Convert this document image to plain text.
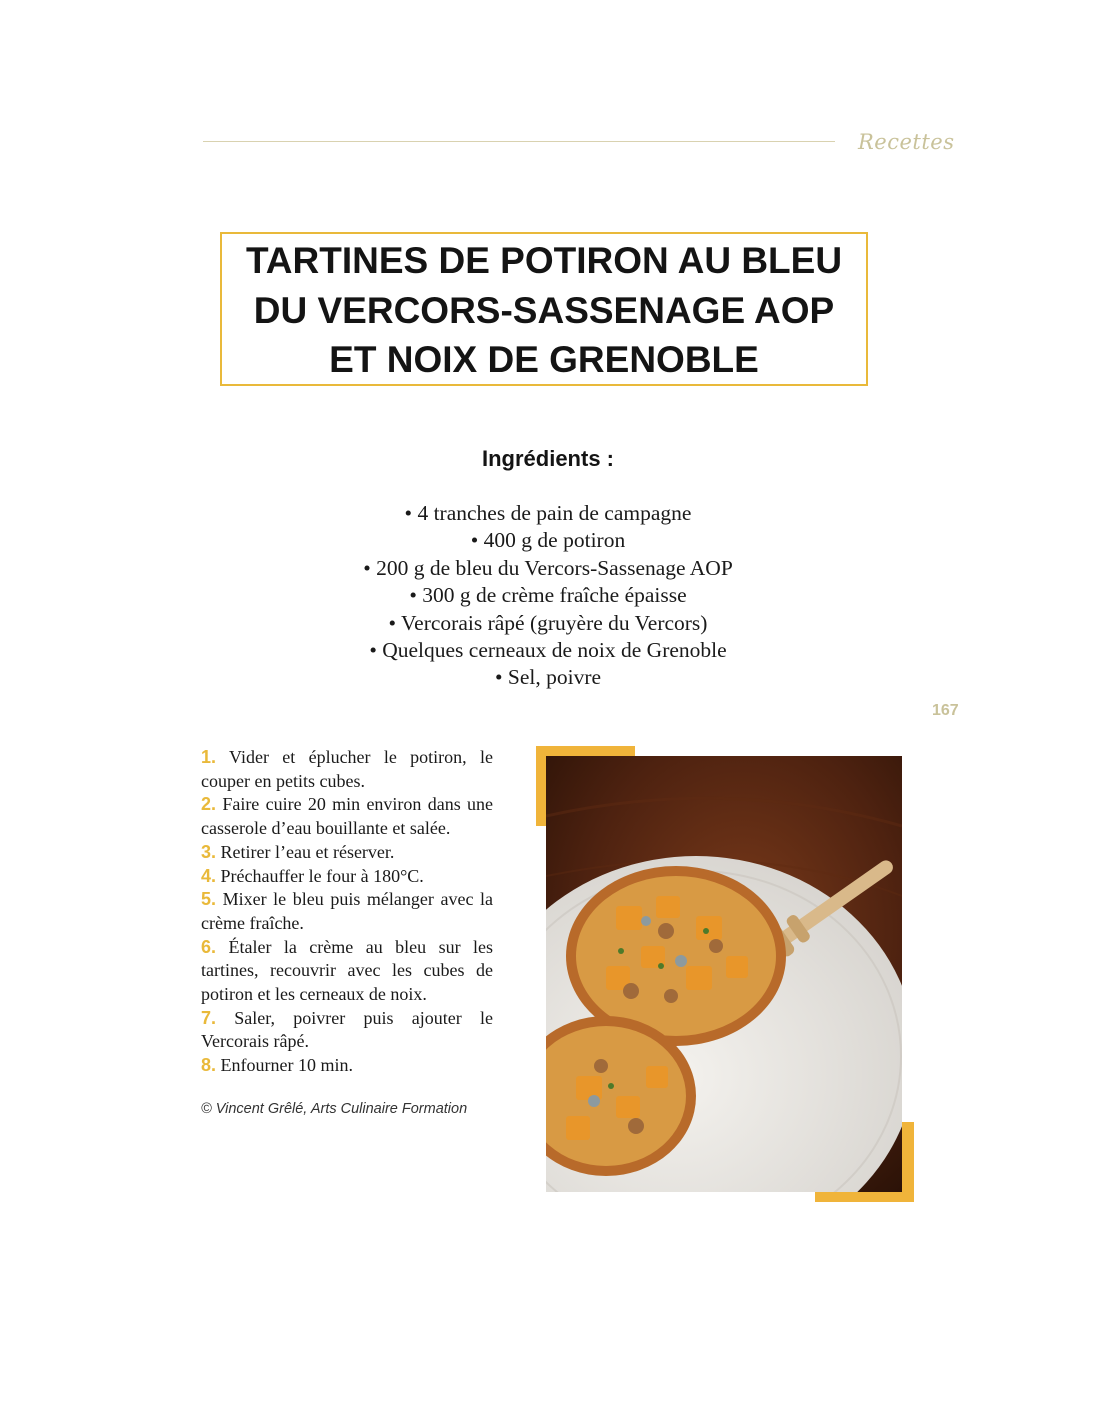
Recettes
TARTINES DE POTIRON AU BLEU
DU VERCORS-SASSENAGE AOP
ET NOIX DE GRENOBLE
Ingrédients :
• 4 tranches de pain de campagne
• 400 g de potiron
• 200 g de bleu du Vercors-Sassenage AOP
• 300 g de crème fraîche épaisse
• Vercorais râpé (gruyère du Vercors)
• Quelques cerneaux de noix de Grenoble
• Sel, poivre
167
1. Vider et éplucher le potiron, le couper en petits cubes.
2. Faire cuire 20 min environ dans une casserole d’eau bouillante et salée.
3. Retirer l’eau et réserver.
4. Préchauffer le four à 180°C.
5. Mixer le bleu puis mélanger avec la crème fraîche.
6. Étaler la crème au bleu sur les tartines, recouvrir avec les cubes de potiron et les cerneaux de noix.
7. Saler, poivrer puis ajouter le Vercorais râpé.
8. Enfourner 10 min.
© Vincent Grêlé, Arts Culinaire Formation
